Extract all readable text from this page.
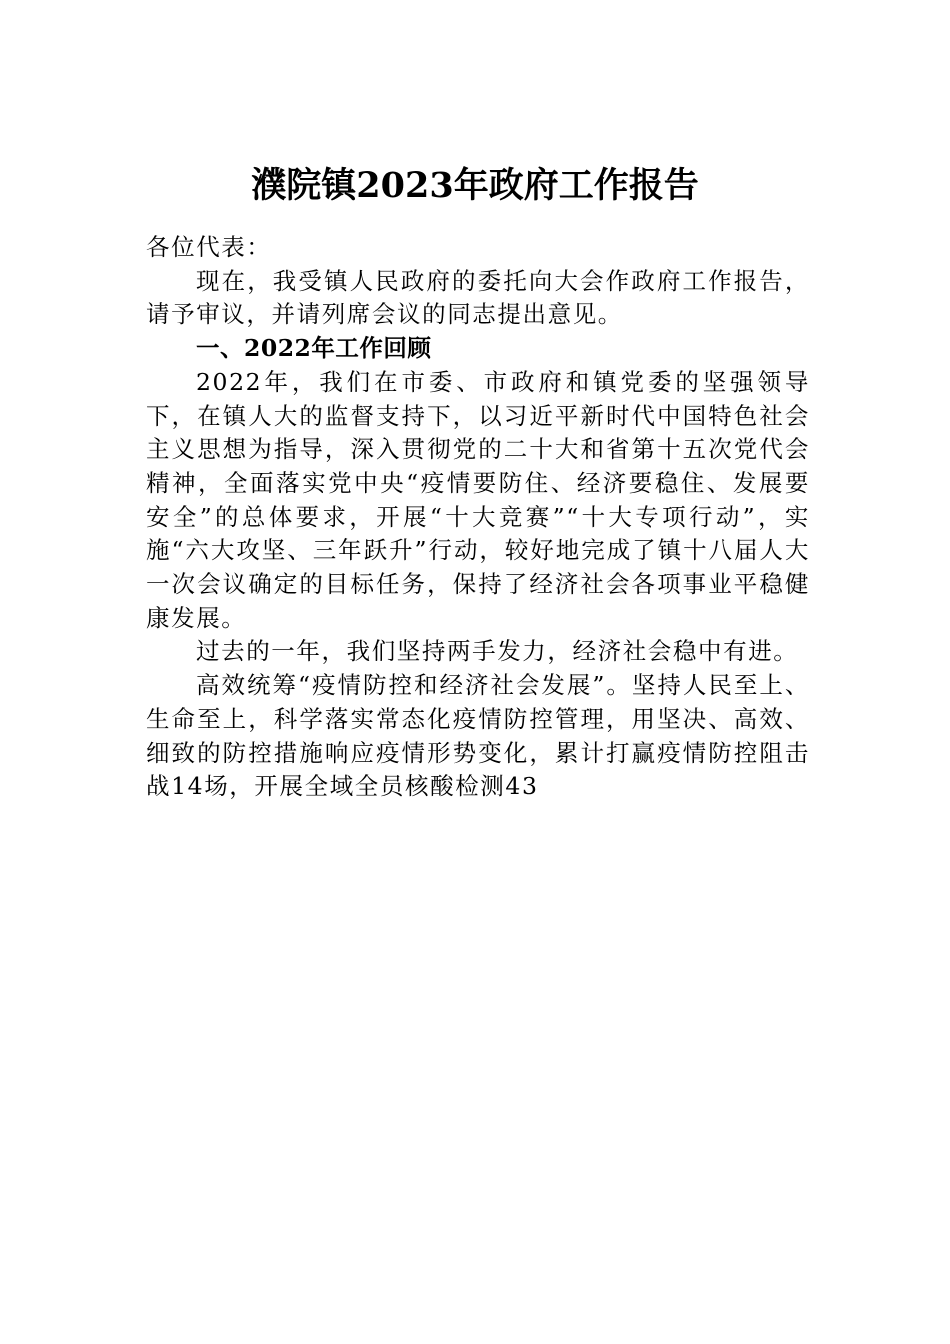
濮院镇2023年政府工作报告

各位代表：

现在，我受镇人民政府的委托向大会作政府工作报告，请予审议，并请列席会议的同志提出意见。

一、2022年工作回顾

2022年，我们在市委、市政府和镇党委的坚强领导下，在镇人大的监督支持下，以习近平新时代中国特色社会主义思想为指导，深入贯彻党的二十大和省第十五次党代会精神，全面落实党中央“疫情要防住、经济要稳住、发展要安全”的总体要求，开展“十大竞赛”“十大专项行动”，实施“六大攻坚、三年跃升”行动，较好地完成了镇十八届人大一次会议确定的目标任务，保持了经济社会各项事业平稳健康发展。

过去的一年，我们坚持两手发力，经济社会稳中有进。

高效统筹“疫情防控和经济社会发展”。坚持人民至上、生命至上，科学落实常态化疫情防控管理，用坚决、高效、细致的防控措施响应疫情形势变化，累计打赢疫情防控阻击战14场，开展全域全员核酸检测43
